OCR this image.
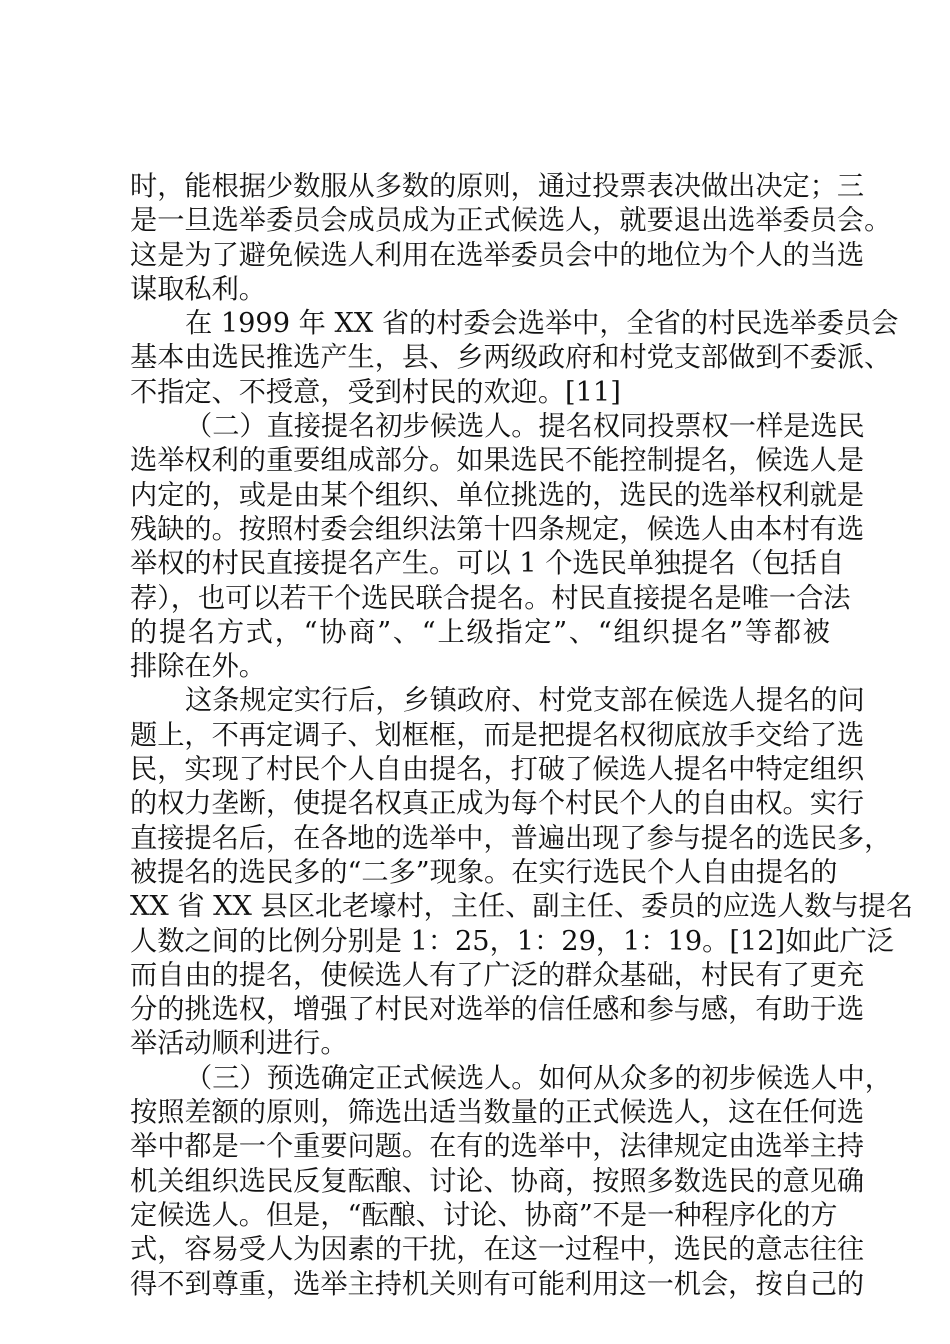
时，能根据少数服从多数的原则，通过投票表决做出决定；三
是一旦选举委员会成员成为正式候选人，就要退出选举委员会。
这是为了避免候选人利用在选举委员会中的地位为个人的当选
谋取私利。
在 1999 年 XX 省的村委会选举中，全省的村民选举委员会
基本由选民推选产生，县、乡两级政府和村党支部做到不委派、
不指定、不授意，受到村民的欢迎。[11]
（二）直接提名初步候选人。提名权同投票权一样是选民
选举权利的重要组成部分。如果选民不能控制提名，候选人是
内定的，或是由某个组织、单位挑选的，选民的选举权利就是
残缺的。按照村委会组织法第十四条规定，候选人由本村有选
举权的村民直接提名产生。可以 1 个选民单独提名（包括自
荐），也可以若干个选民联合提名。村民直接提名是唯一合法
的提名方式，“协商”、“上级指定”、“组织提名”等都被
排除在外。
这条规定实行后，乡镇政府、村党支部在候选人提名的问
题上，不再定调子、划框框，而是把提名权彻底放手交给了选
民，实现了村民个人自由提名，打破了候选人提名中特定组织
的权力垄断，使提名权真正成为每个村民个人的自由权。实行
直接提名后，在各地的选举中，普遍出现了参与提名的选民多，
被提名的选民多的“二多”现象。在实行选民个人自由提名的
XX 省 XX 县区北老壕村，主任、副主任、委员的应选人数与提名
人数之间的比例分别是 1：25，1：29，1：19。[12]如此广泛
而自由的提名，使候选人有了广泛的群众基础，村民有了更充
分的挑选权，增强了村民对选举的信任感和参与感，有助于选
举活动顺利进行。
（三）预选确定正式候选人。如何从众多的初步候选人中，
按照差额的原则，筛选出适当数量的正式候选人，这在任何选
举中都是一个重要问题。在有的选举中，法律规定由选举主持
机关组织选民反复酝酿、讨论、协商，按照多数选民的意见确
定候选人。但是，“酝酿、讨论、协商”不是一种程序化的方
式，容易受人为因素的干扰，在这一过程中，选民的意志往往
得不到尊重，选举主持机关则有可能利用这一机会，按自己的
